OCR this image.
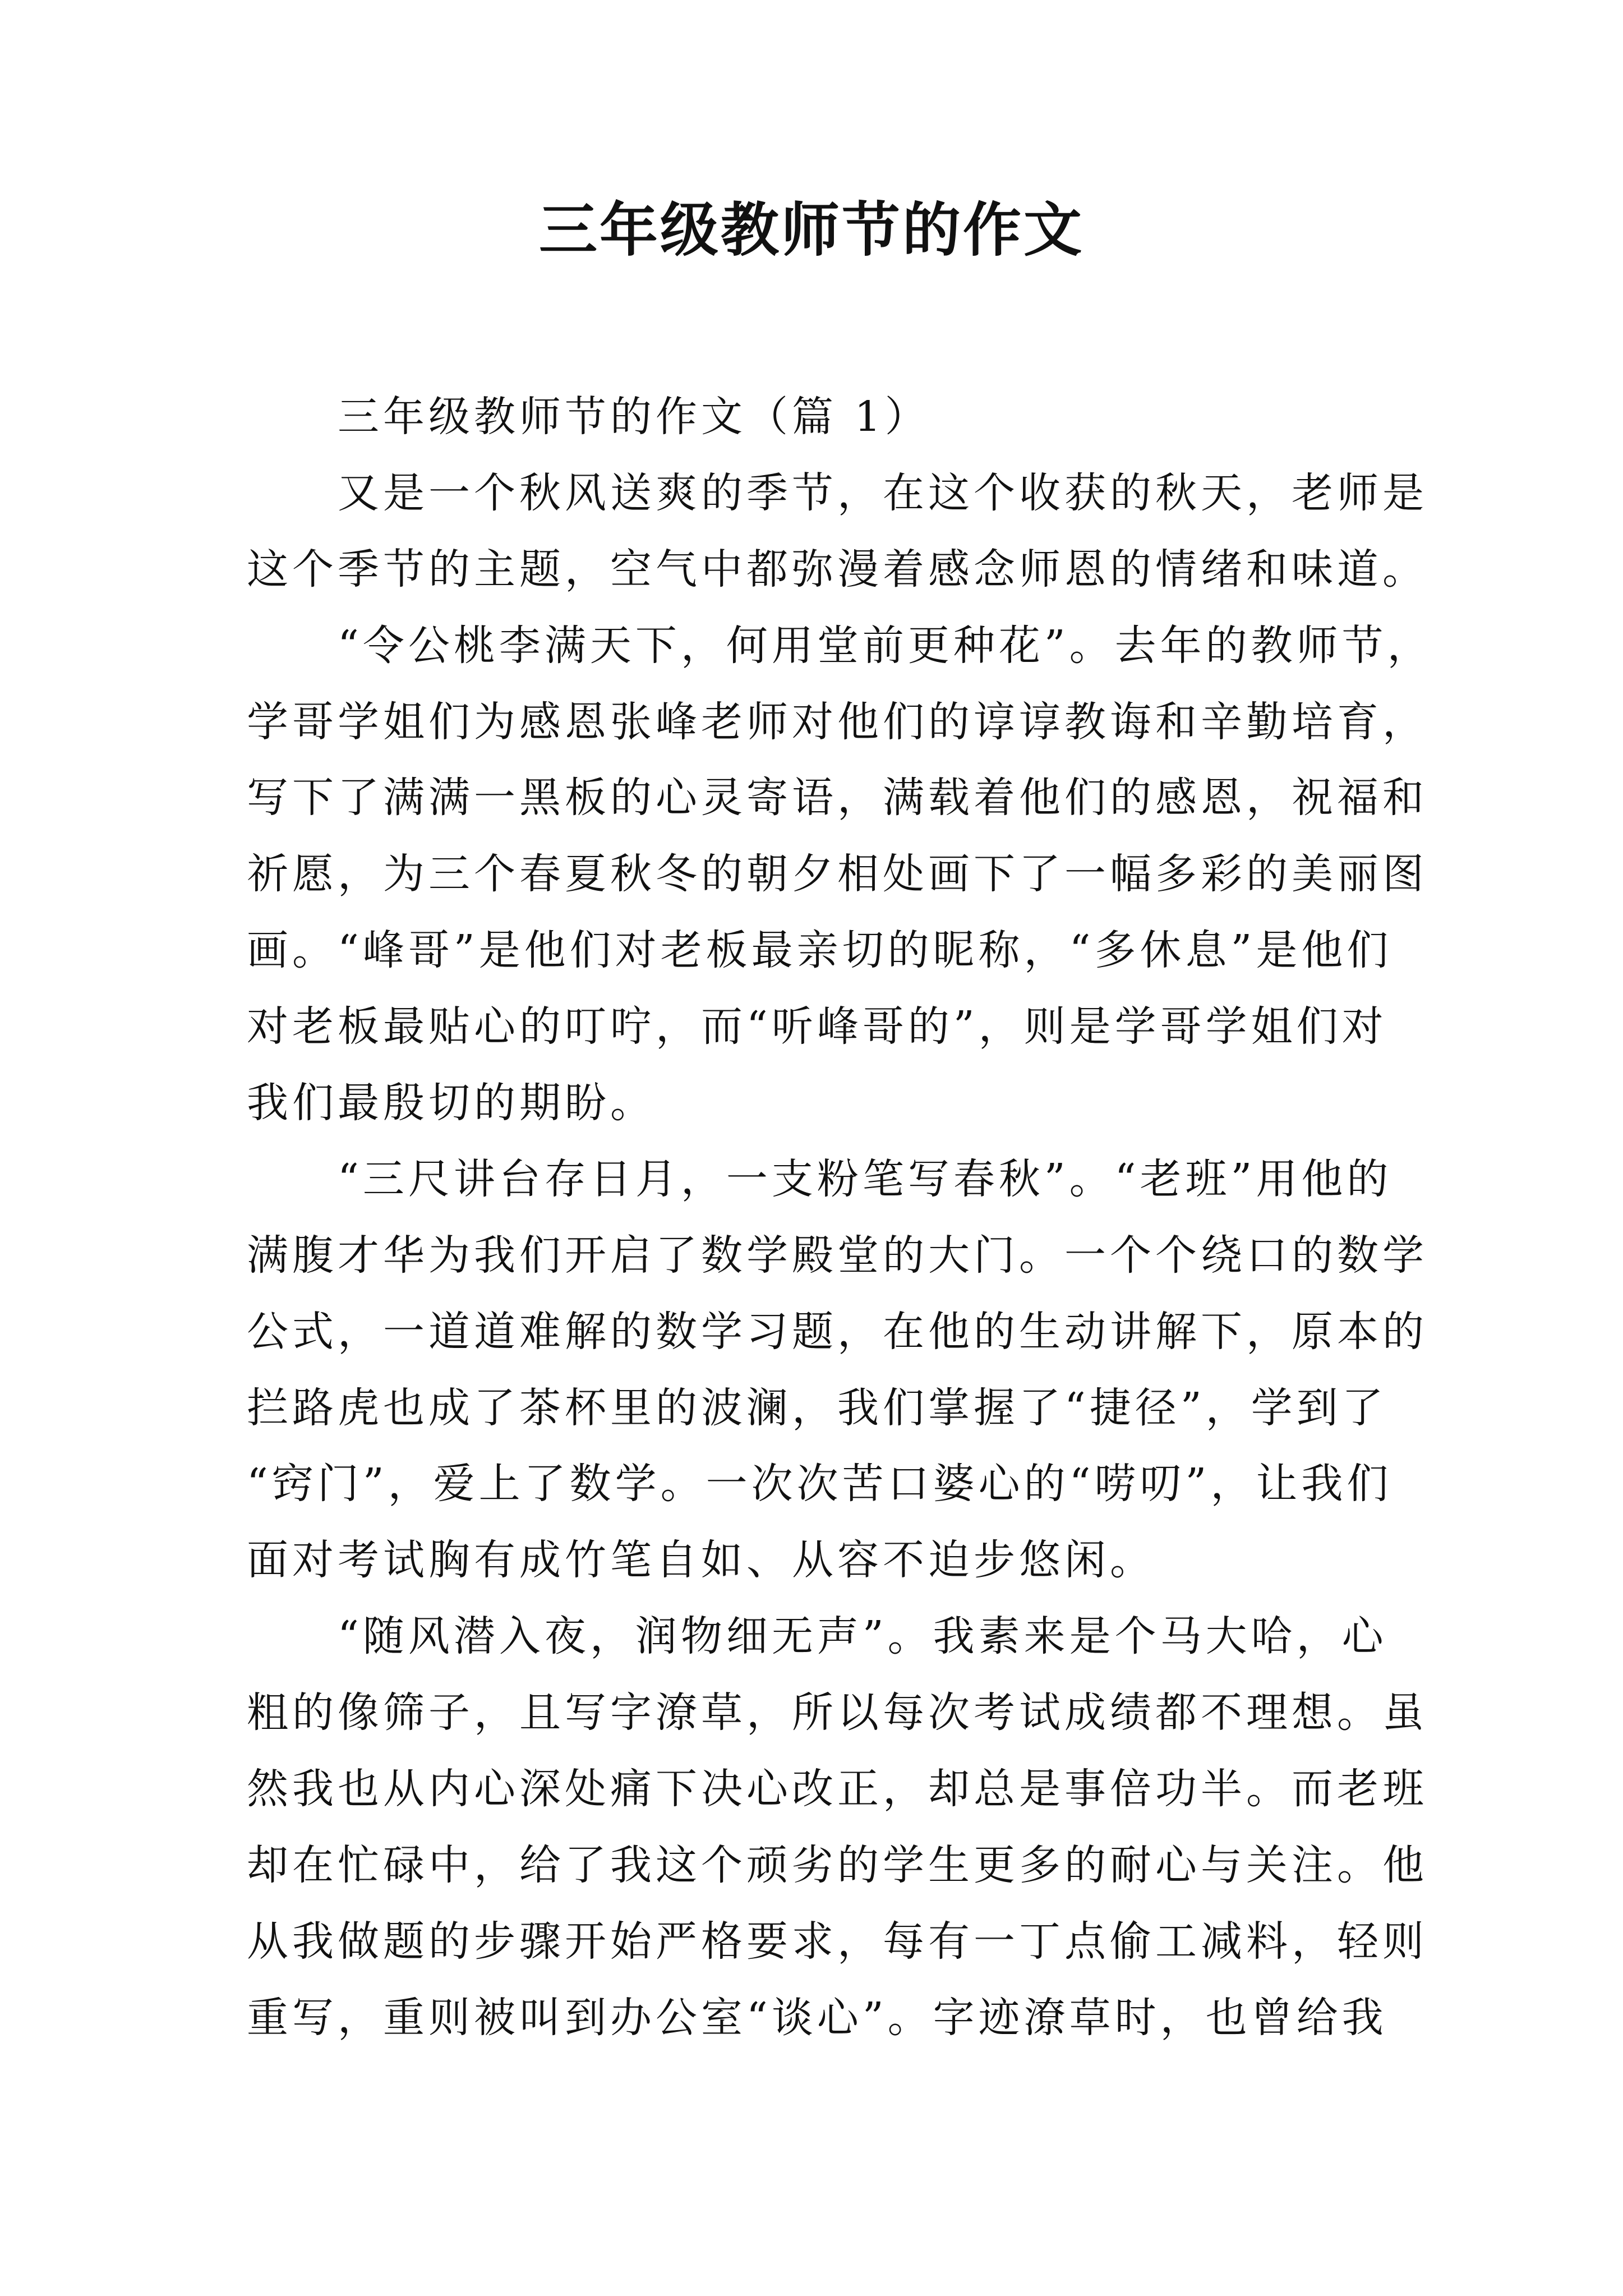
三年级教师节的作文
三年级教师节的作文（篇 1）
又是一个秋风送爽的季节，在这个收获的秋天，老师是
这个季节的主题，空气中都弥漫着感念师恩的情绪和味道。
“令公桃李满天下，何用堂前更种花”。去年的教师节，
学哥学姐们为感恩张峰老师对他们的谆谆教诲和辛勤培育，
写下了满满一黑板的心灵寄语，满载着他们的感恩，祝福和
祈愿，为三个春夏秋冬的朝夕相处画下了一幅多彩的美丽图
画。“峰哥”是他们对老板最亲切的昵称，“多休息”是他们
对老板最贴心的叮咛，而“听峰哥的”，则是学哥学姐们对
我们最殷切的期盼。
“三尺讲台存日月，一支粉笔写春秋”。“老班”用他的
满腹才华为我们开启了数学殿堂的大门。一个个绕口的数学
公式，一道道难解的数学习题，在他的生动讲解下，原本的
拦路虎也成了茶杯里的波澜，我们掌握了“捷径”，学到了
“窍门”，爱上了数学。一次次苦口婆心的“唠叨”，让我们
面对考试胸有成竹笔自如、从容不迫步悠闲。
“随风潜入夜，润物细无声”。我素来是个马大哈，心
粗的像筛子，且写字潦草，所以每次考试成绩都不理想。虽
然我也从内心深处痛下决心改正，却总是事倍功半。而老班
却在忙碌中，给了我这个顽劣的学生更多的耐心与关注。他
从我做题的步骤开始严格要求，每有一丁点偷工减料，轻则
重写，重则被叫到办公室“谈心”。字迹潦草时，也曾给我
